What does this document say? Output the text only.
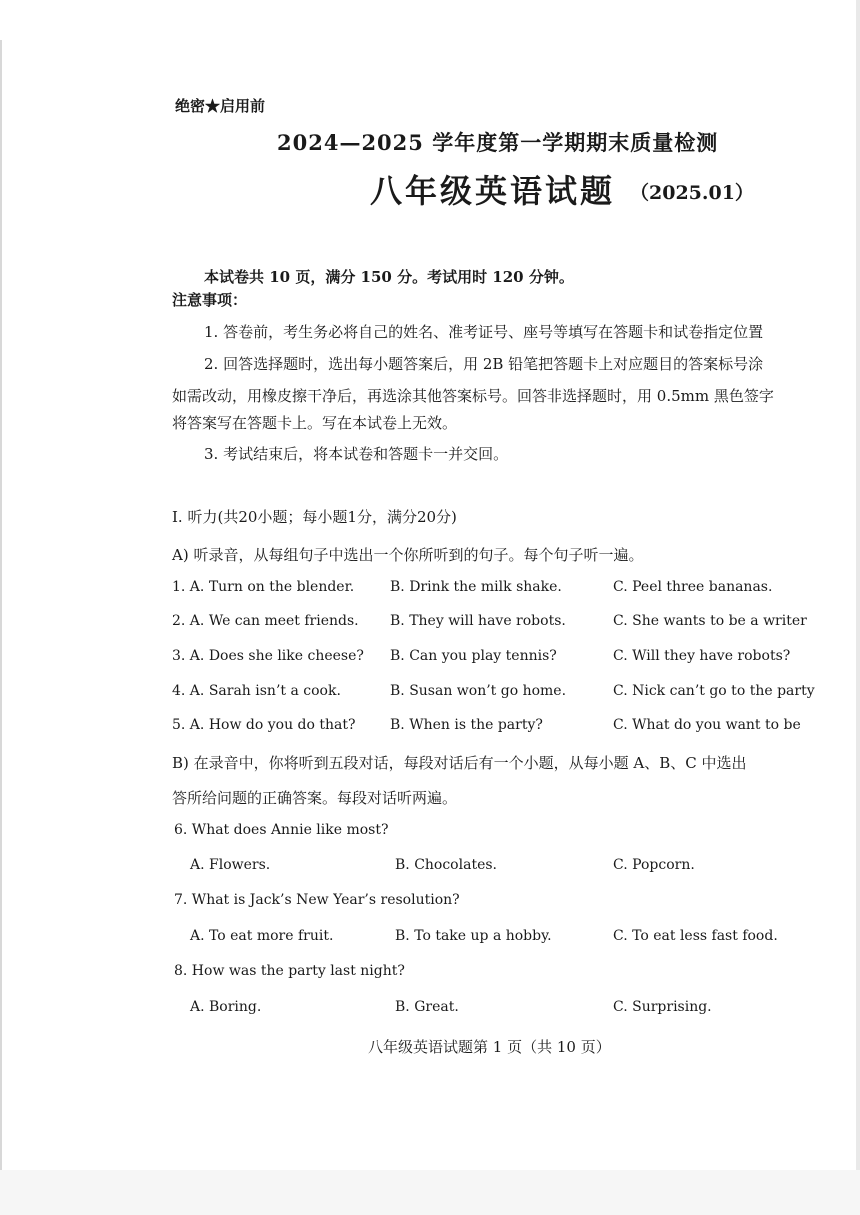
绝密★启用前
2024—2025 学年度第一学期期末质量检测
八年级英语试题 （2025.01）
本试卷共 10 页，满分 150 分。考试用时 120 分钟。
注意事项：
1. 答卷前，考生务必将自己的姓名、准考证号、座号等填写在答题卡和试卷指定位置
2. 回答选择题时，选出每小题答案后，用 2B 铅笔把答题卡上对应题目的答案标号涂
如需改动，用橡皮擦干净后，再选涂其他答案标号。回答非选择题时，用 0.5mm 黑色签字
将答案写在答题卡上。写在本试卷上无效。
3. 考试结束后，将本试卷和答题卡一并交回。
I. 听力(共20小题；每小题1分，满分20分)
A) 听录音，从每组句子中选出一个你所听到的句子。每个句子听一遍。
1. A. Turn on the blender.	B. Drink the milk shake.	C. Peel three bananas.
2. A. We can meet friends. B. They will have robots.	C. She wants to be a writer
3. A. Does she like cheese? B. Can you play tennis?	C. Will they have robots?
4. A. Sarah isn’t a cook.	B. Susan won’t go home.	C. Nick can’t go to the party
5. A. How do you do that? B. When is the party?	C. What do you want to be
B) 在录音中，你将听到五段对话，每段对话后有一个小题，从每小题 A、B、C 中选出
答所给问题的正确答案。每段对话听两遍。
6. What does Annie like most?
A. Flowers.	B. Chocolates.	C. Popcorn.
7. What is Jack’s New Year’s resolution?
A. To eat more fruit.	B. To take up a hobby.	C. To eat less fast food.
8. How was the party last night?
A. Boring.	B. Great.	C. Surprising.
八年级英语试题第 1 页（共 10 页）
